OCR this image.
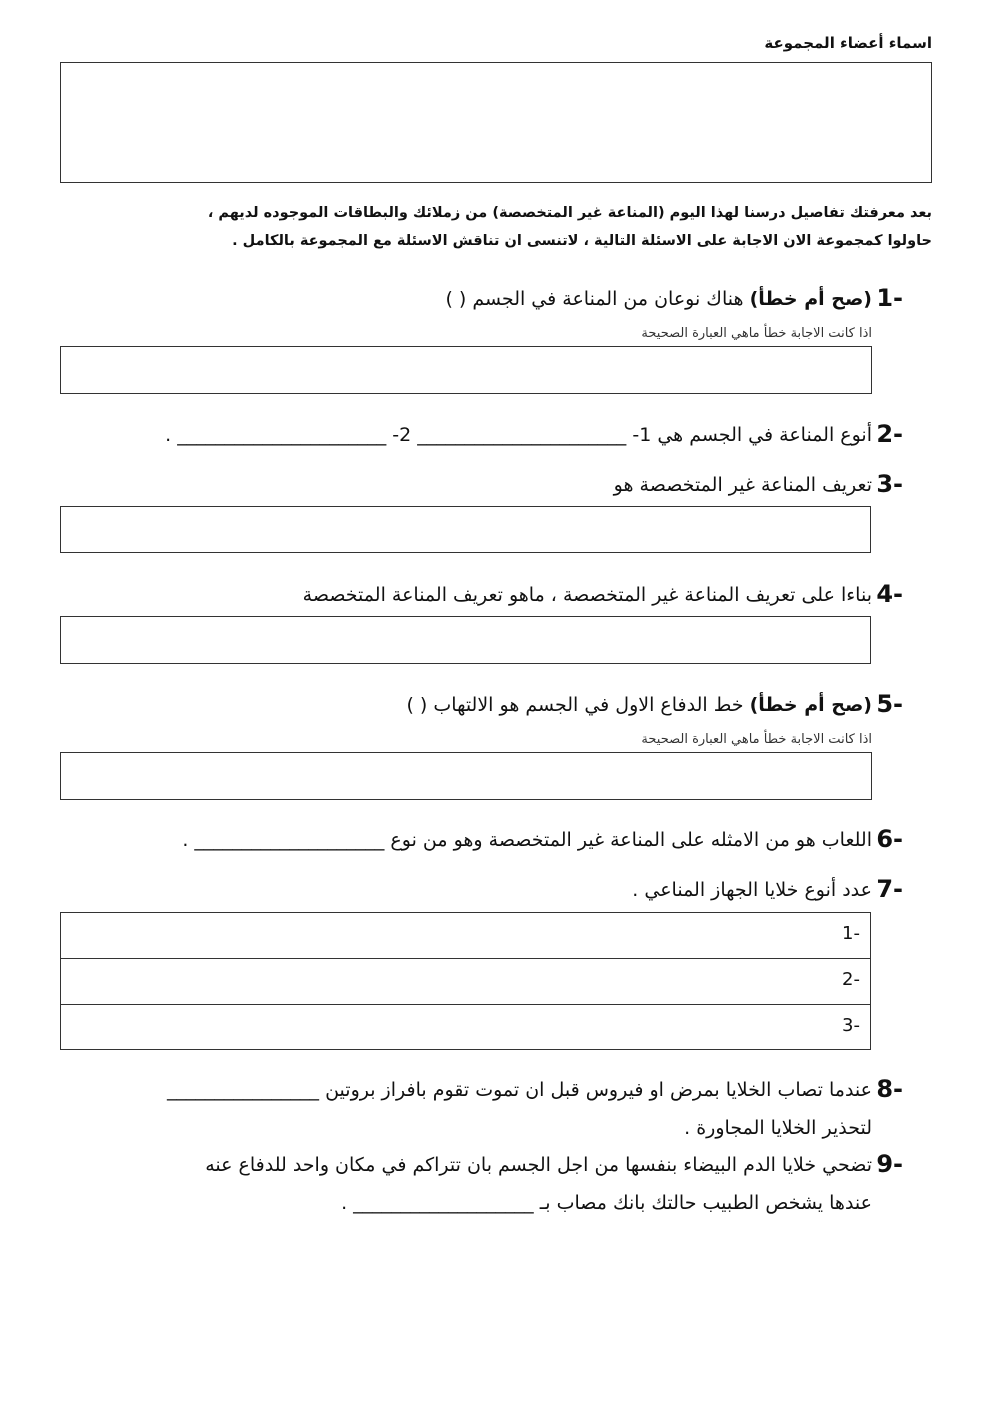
اسماء أعضاء المجموعة
بعد معرفتك تفاصيل درسنا لهذا اليوم (المناعة غير المتخصصة) من زملائك والبطاقات الموجوده لديهم ،
حاولوا كمجموعة الان الاجابة على الاسئلة التالية ، لاتنسى ان تناقش الاسئلة مع المجموعة بالكامل .
1-
(صح أم خطأ) هناك نوعان من المناعة في الجسم ( )
اذا كانت الاجابة خطأ ماهي العبارة الصحيحة
2-
أنوع المناعة في الجسم هي 1- ______________________ 2- ______________________ .
3-
تعريف المناعة غير المتخصصة هو
4-
بناءا على تعريف المناعة غير المتخصصة ، ماهو تعريف المناعة المتخصصة
5-
(صح أم خطأ) خط الدفاع الاول في الجسم هو الالتهاب ( )
اذا كانت الاجابة خطأ ماهي العبارة الصحيحة
6-
اللعاب هو من الامثله على المناعة غير المتخصصة وهو من نوع ____________________ .
7-
عدد أنوع خلايا الجهاز المناعي .
1-
2-
3-
8-
عندما تصاب الخلايا بمرض او فيروس قبل ان تموت تقوم بافراز بروتين ________________
لتحذير الخلايا المجاورة .
9-
تضحي خلايا الدم البيضاء بنفسها من اجل الجسم بان تتراكم في مكان واحد للدفاع عنه
عندها يشخص الطبيب حالتك بانك مصاب بـ ___________________ .
